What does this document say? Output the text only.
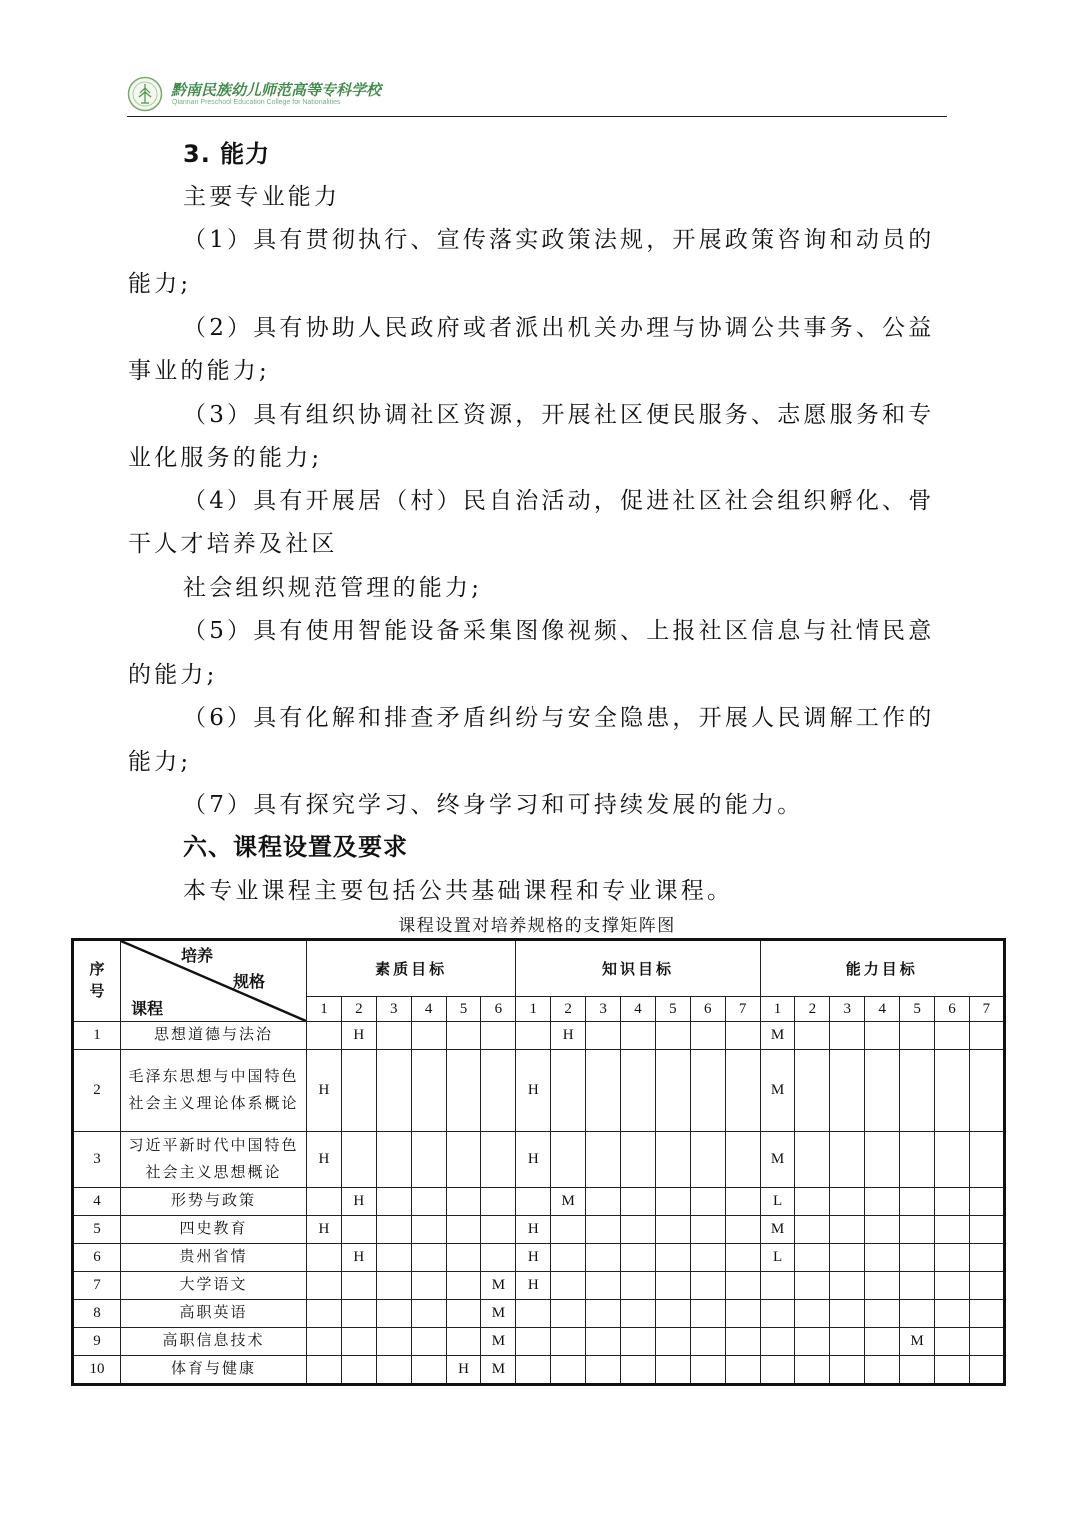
黔南民族幼儿师范高等专科学校
Qiannan Preschool Education College for Nationalities
3. 能力
主要专业能力
（1）具有贯彻执行、宣传落实政策法规，开展政策咨询和动员的
能力;
（2）具有协助人民政府或者派出机关办理与协调公共事务、公益
事业的能力;
（3）具有组织协调社区资源，开展社区便民服务、志愿服务和专
业化服务的能力;
（4）具有开展居（村）民自治活动，促进社区社会组织孵化、骨
干人才培养及社区
社会组织规范管理的能力;
（5）具有使用智能设备采集图像视频、上报社区信息与社情民意
的能力;
（6）具有化解和排查矛盾纠纷与安全隐患，开展人民调解工作的
能力;
（7）具有探究学习、终身学习和可持续发展的能力。
六、课程设置及要求
本专业课程主要包括公共基础课程和专业课程。
课程设置对培养规格的支撑矩阵图
序
号	培养
规格
课程	素质目标						知识目标							能力目标						
		1	2	3	4	5	6	1	2	3	4	5	6	7	1	2	3	4	5	6	7
1	思想道德与法治		H						H						M						
2	毛泽东思想与中国特色社会主义理论体系概论	H						H							M						
3	习近平新时代中国特色社会主义思想概论	H						H							M						
4	形势与政策		H						M						L						
5	四史教育	H						H							M						
6	贵州省情		H					H							L						
7	大学语文						M	H													
8	高职英语						M														
9	高职信息技术						M												M		
10	体育与健康					H	M														
